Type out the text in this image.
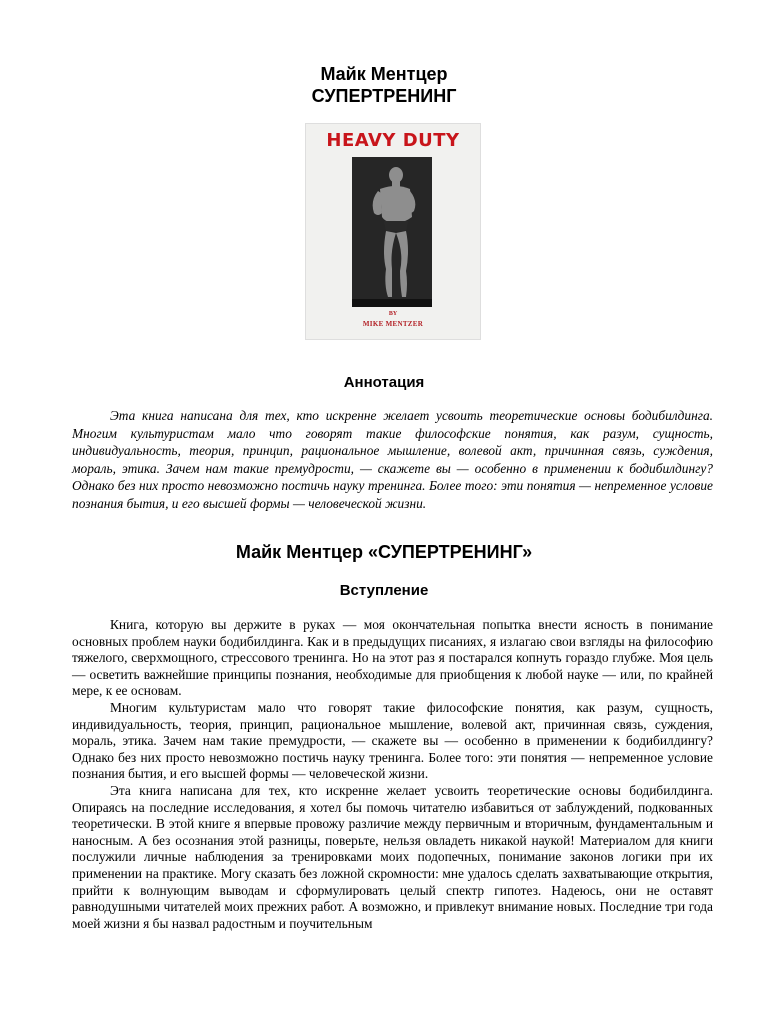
Майк Ментцер
СУПЕРТРЕНИНГ
HEAVY DUTY
BY
MIKE MENTZER
Аннотация

Эта книга написана для тех, кто искренне желает усвоить теоретические основы бодибилдинга. Многим культуристам мало что говорят такие философские понятия, как разум, сущность, индивидуальность, теория, принцип, рациональное мышление, волевой акт, причинная связь, суждения, мораль, этика. Зачем нам такие премудрости, — скажете вы — особенно в применении к бодибилдингу? Однако без них просто невозможно постичь науку тренинга. Более того: эти понятия — непременное условие познания бытия, и его высшей формы — человеческой жизни.

Майк Ментцер «СУПЕРТРЕНИНГ»
Вступление

Книга, которую вы держите в руках — моя окончательная попытка внести ясность в понимание основных проблем науки бодибилдинга. Как и в предыдущих писаниях, я излагаю свои взгляды на философию тяжелого, сверхмощного, стрессового тренинга. Но на этот раз я постарался копнуть гораздо глубже. Моя цель — осветить важнейшие принципы познания, необходимые для приобщения к любой науке — или, по крайней мере, к ее основам.

Многим культуристам мало что говорят такие философские понятия, как разум, сущность, индивидуальность, теория, принцип, рациональное мышление, волевой акт, причинная связь, суждения, мораль, этика. Зачем нам такие премудрости, — скажете вы — особенно в применении к бодибилдингу? Однако без них просто невозможно постичь науку тренинга. Более того: эти понятия — непременное условие познания бытия, и его высшей формы — человеческой жизни.

Эта книга написана для тех, кто искренне желает усвоить теоретические основы бодибилдинга. Опираясь на последние исследования, я хотел бы помочь читателю избавиться от заблуждений, подкованных теоретически. В этой книге я впервые провожу различие между первичным и вторичным, фундаментальным и наносным. А без осознания этой разницы, поверьте, нельзя овладеть никакой наукой! Материалом для книги послужили личные наблюдения за тренировками моих подопечных, понимание законов логики при их применении на практике. Могу сказать без ложной скромности: мне удалось сделать захватывающие открытия, прийти к волнующим выводам и сформулировать целый спектр гипотез. Надеюсь, они не оставят равнодушными читателей моих прежних работ. А возможно, и привлекут внимание новых. Последние три года моей жизни я бы назвал радостным и поучительным
